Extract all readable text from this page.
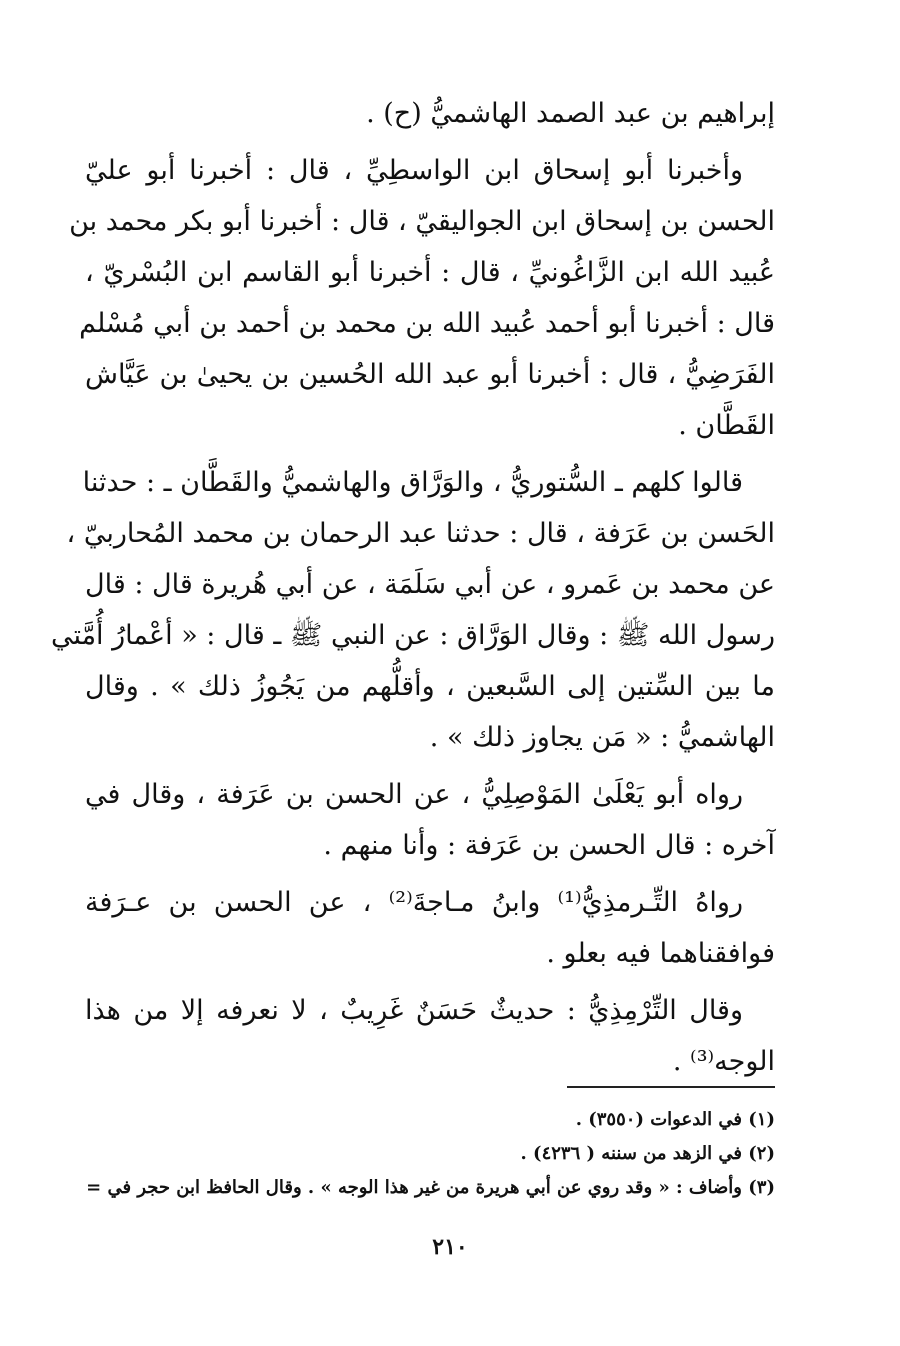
إبراهيم بن عبد الصمد الهاشميُّ (ح) .
وأخبرنا أبو إسحاق ابن الواسطِيِّ ، قال : أخبرنا أبو عليّ
الحسن بن إسحاق ابن الجواليقيّ ، قال : أخبرنا أبو بكر محمد بن
عُبيد الله ابن الزَّاغُونيِّ ، قال : أخبرنا أبو القاسم ابن البُسْريّ ،
قال : أخبرنا أبو أحمد عُبيد الله بن محمد بن أحمد بن أبي مُسْلم
الفَرَضِيُّ ، قال : أخبرنا أبو عبد الله الحُسين بن يحيىٰ بن عَيَّاش
القَطَّان .
قالوا كلهم ـ السُّتوريُّ ، والوَرَّاق والهاشميُّ والقَطَّان ـ : حدثنا
الحَسن بن عَرَفة ، قال : حدثنا عبد الرحمان بن محمد المُحاربيّ ،
عن محمد بن عَمرو ، عن أبي سَلَمَة ، عن أبي هُريرة قال : قال
رسول الله ﷺ : وقال الوَرَّاق : عن النبي ﷺ ـ قال : « أعْمارُ أُمَّتي
ما بين السِّتين إلى السَّبعين ، وأقلُّهم من يَجُوزُ ذلك » . وقال
الهاشميُّ : « مَن يجاوز ذلك » .
رواه أبو يَعْلَىٰ المَوْصِلِيُّ ، عن الحسن بن عَرَفة ، وقال في
آخره : قال الحسن بن عَرَفة : وأنا منهم .
رواهُ التِّـرمذِيُّ⁽¹⁾ وابنُ مـاجةَ⁽²⁾ ، عن الحسن بن عـرَفة
فوافقناهما فيه بعلو .
وقال التِّرْمِذِيُّ : حديثٌ حَسَنٌ غَرِيبٌ ، لا نعرفه إلا من هذا
الوجه⁽³⁾ .
(١) في الدعوات (٣٥٥٠) .
(٢) في الزهد من سننه ( ٤٢٣٦) .
(٣) وأضاف : « وقد روي عن أبي هريرة من غير هذا الوجه » . وقال الحافظ ابن حجر في =
٢١٠
